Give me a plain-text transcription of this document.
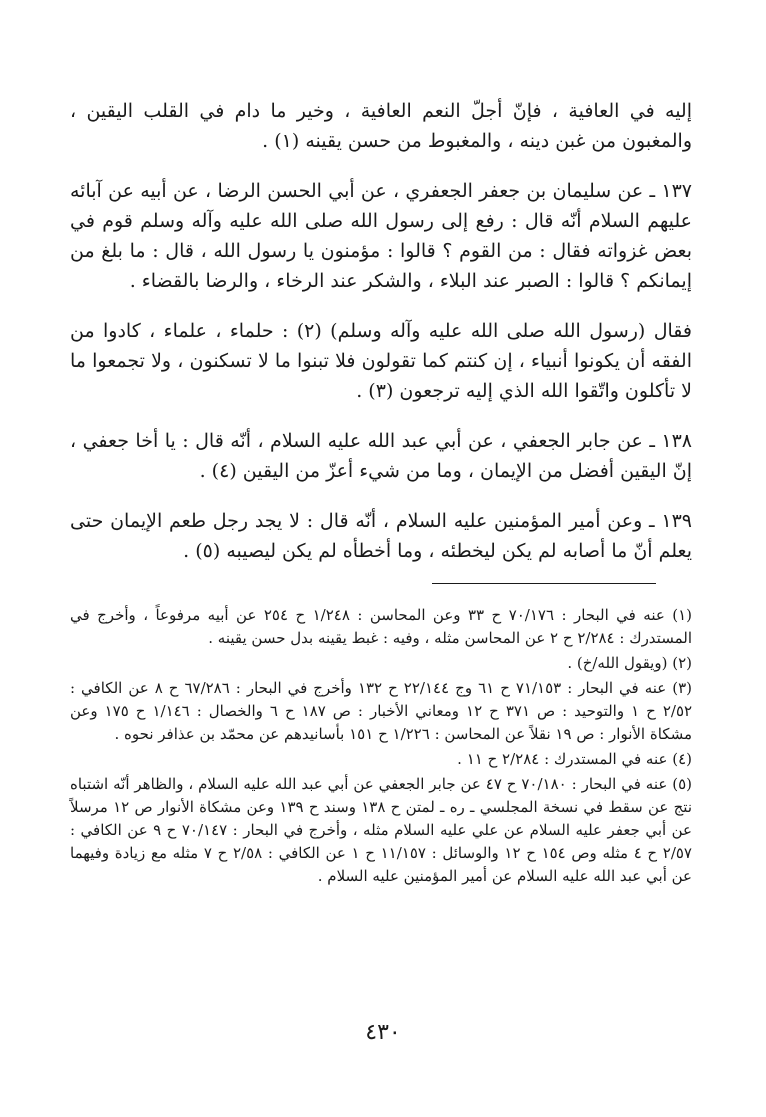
إليه في العافية ، فإنّ أجلّ النعم العافية ، وخير ما دام في القلب اليقين ، والمغبون من غبن دينه ، والمغبوط من حسن يقينه (١) .

١٣٧ ـ عن سليمان بن جعفر الجعفري ، عن أبي الحسن الرضا ، عن أبيه عن آبائه عليهم السلام أنّه قال : رفع إلى رسول الله صلى الله عليه وآله وسلم قوم في بعض غزواته فقال : من القوم ؟ قالوا : مؤمنون يا رسول الله ، قال : ما بلغ من إيمانكم ؟ قالوا : الصبر عند البلاء ، والشكر عند الرخاء ، والرضا بالقضاء .

فقال (رسول الله صلى الله عليه وآله وسلم) (٢) : حلماء ، علماء ، كادوا من الفقه أن يكونوا أنبياء ، إن كنتم كما تقولون فلا تبنوا ما لا تسكنون ، ولا تجمعوا ما لا تأكلون واتّقوا الله الذي إليه ترجعون (٣) .

١٣٨ ـ عن جابر الجعفي ، عن أبي عبد الله عليه السلام ، أنّه قال : يا أخا جعفي ، إنّ اليقين أفضل من الإيمان ، وما من شيء أعزّ من اليقين (٤) .

١٣٩ ـ وعن أمير المؤمنين عليه السلام ، أنّه قال : لا يجد رجل طعم الإيمان حتى يعلم أنّ ما أصابه لم يكن ليخطئه ، وما أخطأه لم يكن ليصيبه (٥) .

(١) عنه في البحار : ٧٠/١٧٦ ح ٣٣ وعن المحاسن : ١/٢٤٨ ح ٢٥٤ عن أبيه مرفوعاً ، وأخرج في المستدرك : ٢/٢٨٤ ح ٢ عن المحاسن مثله ، وفيه : غبط يقينه بدل حسن يقينه .

(٢) (ويقول الله/خ) .

(٣) عنه في البحار : ٧١/١٥٣ ح ٦١ وج ٢٢/١٤٤ ح ١٣٢ وأخرج في البحار : ٦٧/٢٨٦ ح ٨ عن الكافي : ٢/٥٢ ح ١ والتوحيد : ص ٣٧١ ح ١٢ ومعاني الأخبار : ص ١٨٧ ح ٦ والخصال : ١/١٤٦ ح ١٧٥ وعن مشكاة الأنوار : ص ١٩ نقلاً عن المحاسن : ١/٢٢٦ ح ١٥١ بأسانيدهم عن محمّد بن عذافر نحوه .

(٤) عنه في المستدرك : ٢/٢٨٤ ح ١١ .

(٥) عنه في البحار : ٧٠/١٨٠ ح ٤٧ عن جابر الجعفي عن أبي عبد الله عليه السلام ، والظاهر أنّه اشتباه نتج عن سقط في نسخة المجلسي ـ ره ـ لمتن ح ١٣٨ وسند ح ١٣٩ وعن مشكاة الأنوار ص ١٢ مرسلاً عن أبي جعفر عليه السلام عن علي عليه السلام مثله ، وأخرج في البحار : ٧٠/١٤٧ ح ٩ عن الكافي : ٢/٥٧ ح ٤ مثله وص ١٥٤ ح ١٢ والوسائل : ١١/١٥٧ ح ١ عن الكافي : ٢/٥٨ ح ٧ مثله مع زيادة وفيهما عن أبي عبد الله عليه السلام عن أمير المؤمنين عليه السلام .

٤٣٠
